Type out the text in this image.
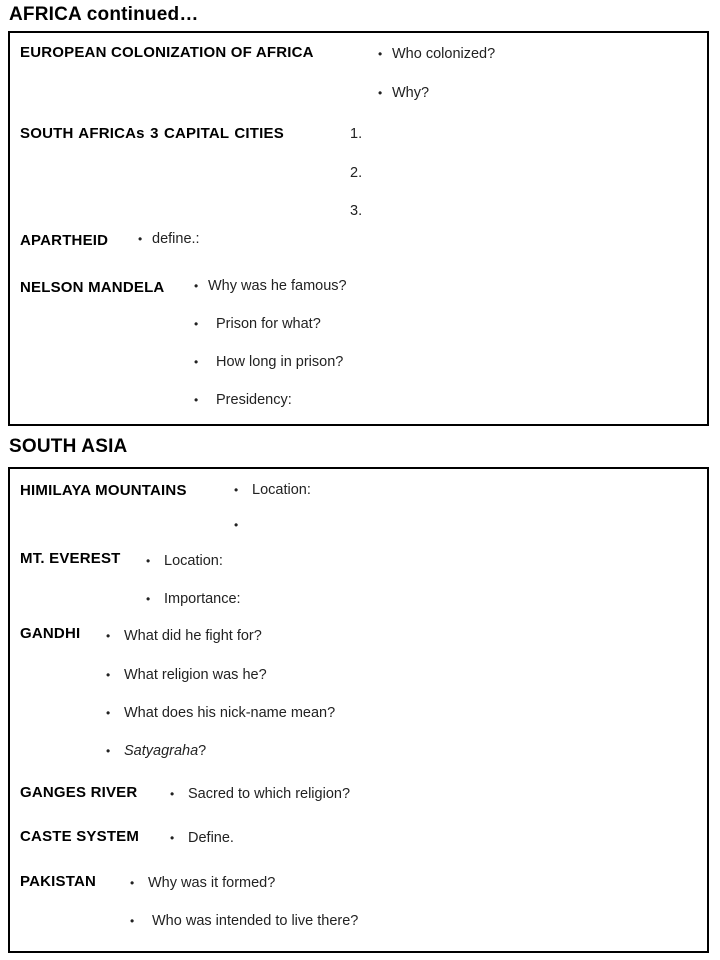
AFRICA continued…

EUROPEAN COLONIZATION OF AFRICA	• Who colonized?

• Why?

SOUTH AFRICAs 3 CAPITAL CITIES	1.

2.

3.

APARTHEID • define.:

NELSON MANDELA • Why was he famous?

• Prison for what?

• How long in prison?

• Presidency:

SOUTH ASIA

HIMILAYA MOUNTAINS	• Location:

•

MT. EVEREST • Location:

• Importance:

GANDHI • What did he fight for?

• What religion was he?

• What does his nick-name mean?

• Satyagraha?

GANGES RIVER	• Sacred to which religion?

CASTE SYSTEM	• Define.

PAKISTAN	• Why was it formed?

• Who was intended to live there?
